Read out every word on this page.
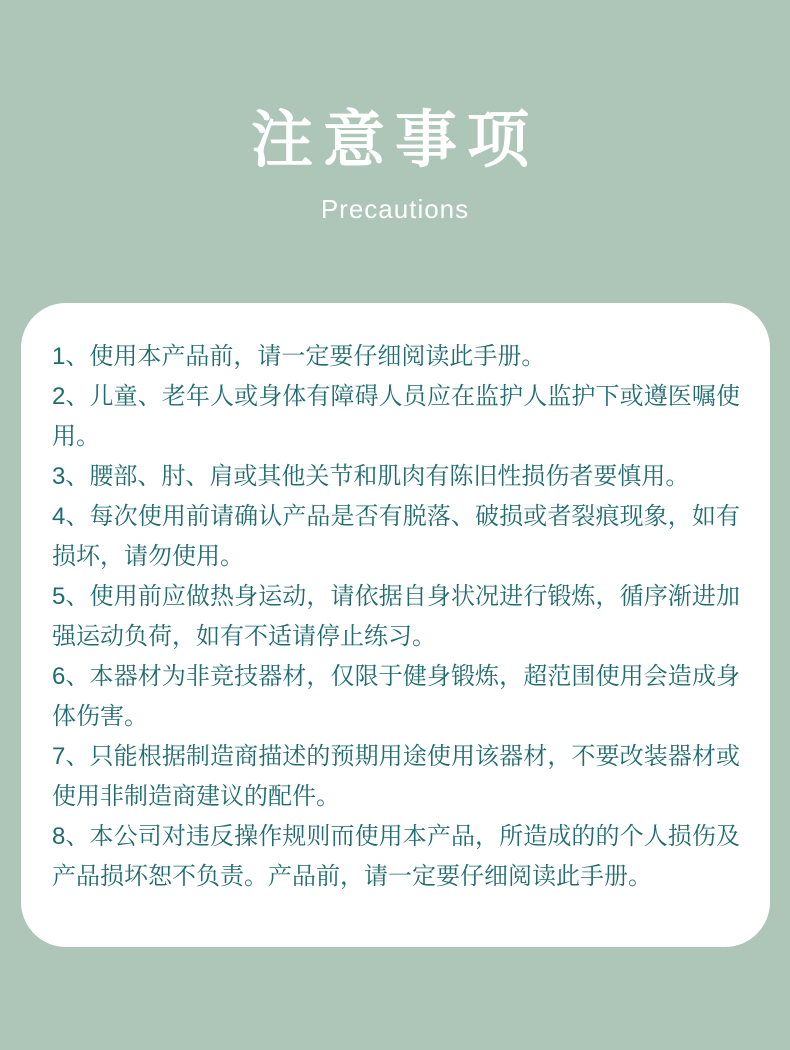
注意事项
Precautions

1、使用本产品前，请一定要仔细阅读此手册。

2、儿童、老年人或身体有障碍人员应在监护人监护下或遵医嘱使用。

3、腰部、肘、肩或其他关节和肌肉有陈旧性损伤者要慎用。

4、每次使用前请确认产品是否有脱落、破损或者裂痕现象，如有损坏，请勿使用。

5、使用前应做热身运动，请依据自身状况进行锻炼，循序渐进加强运动负荷，如有不适请停止练习。

6、本器材为非竞技器材，仅限于健身锻炼，超范围使用会造成身体伤害。

7、只能根据制造商描述的预期用途使用该器材，不要改装器材或使用非制造商建议的配件。

8、本公司对违反操作规则而使用本产品，所造成的的个人损伤及产品损坏恕不负责。产品前，请一定要仔细阅读此手册。
